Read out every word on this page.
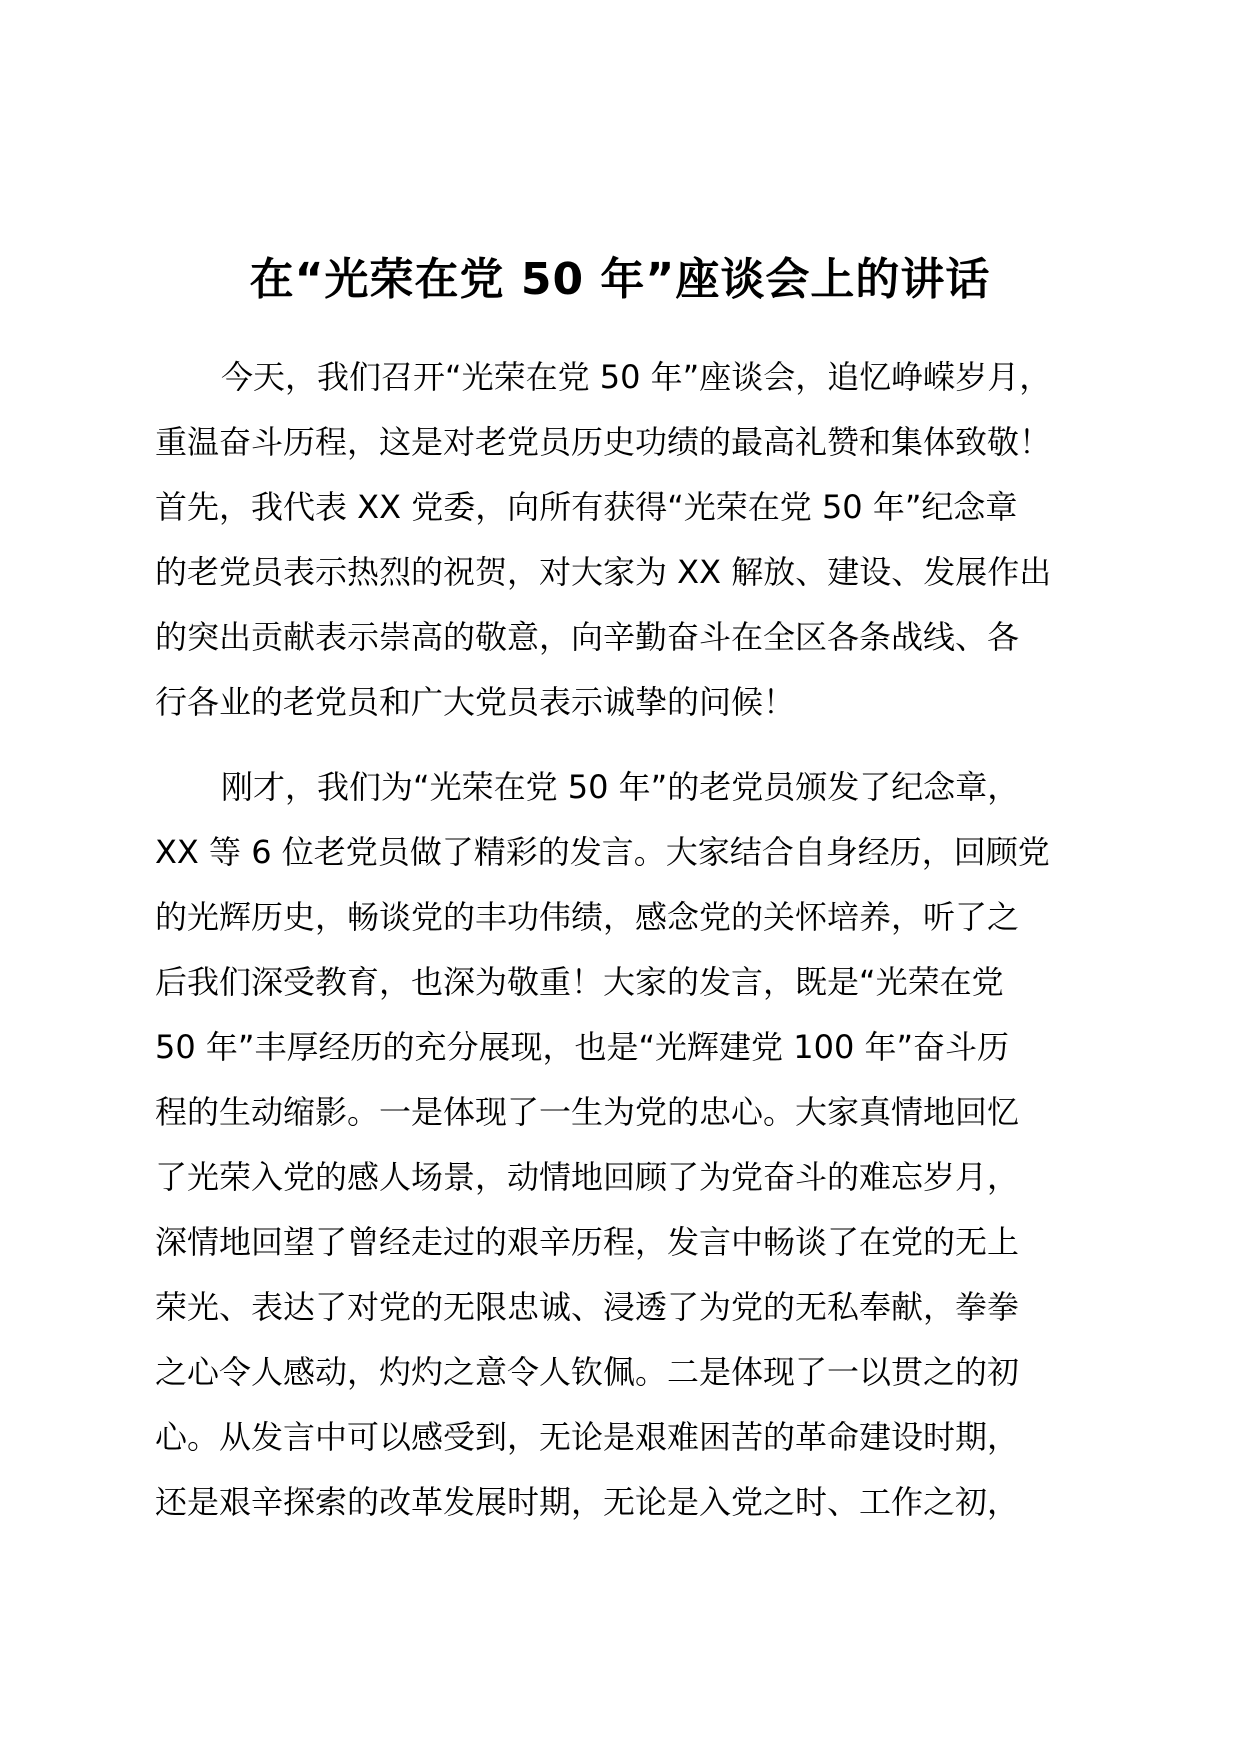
在“光荣在党 50 年”座谈会上的讲话
今天，我们召开“光荣在党 50 年”座谈会，追忆峥嵘岁月，
重温奋斗历程，这是对老党员历史功绩的最高礼赞和集体致敬！
首先，我代表 XX 党委，向所有获得“光荣在党 50 年”纪念章
的老党员表示热烈的祝贺，对大家为 XX 解放、建设、发展作出
的突出贡献表示崇高的敬意，向辛勤奋斗在全区各条战线、各
行各业的老党员和广大党员表示诚挚的问候！
刚才，我们为“光荣在党 50 年”的老党员颁发了纪念章，
XX 等 6 位老党员做了精彩的发言。大家结合自身经历，回顾党
的光辉历史，畅谈党的丰功伟绩，感念党的关怀培养，听了之
后我们深受教育，也深为敬重！大家的发言，既是“光荣在党
50 年”丰厚经历的充分展现，也是“光辉建党 100 年”奋斗历
程的生动缩影。一是体现了一生为党的忠心。大家真情地回忆
了光荣入党的感人场景，动情地回顾了为党奋斗的难忘岁月，
深情地回望了曾经走过的艰辛历程，发言中畅谈了在党的无上
荣光、表达了对党的无限忠诚、浸透了为党的无私奉献，拳拳
之心令人感动，灼灼之意令人钦佩。二是体现了一以贯之的初
心。从发言中可以感受到，无论是艰难困苦的革命建设时期，
还是艰辛探索的改革发展时期，无论是入党之时、工作之初，
